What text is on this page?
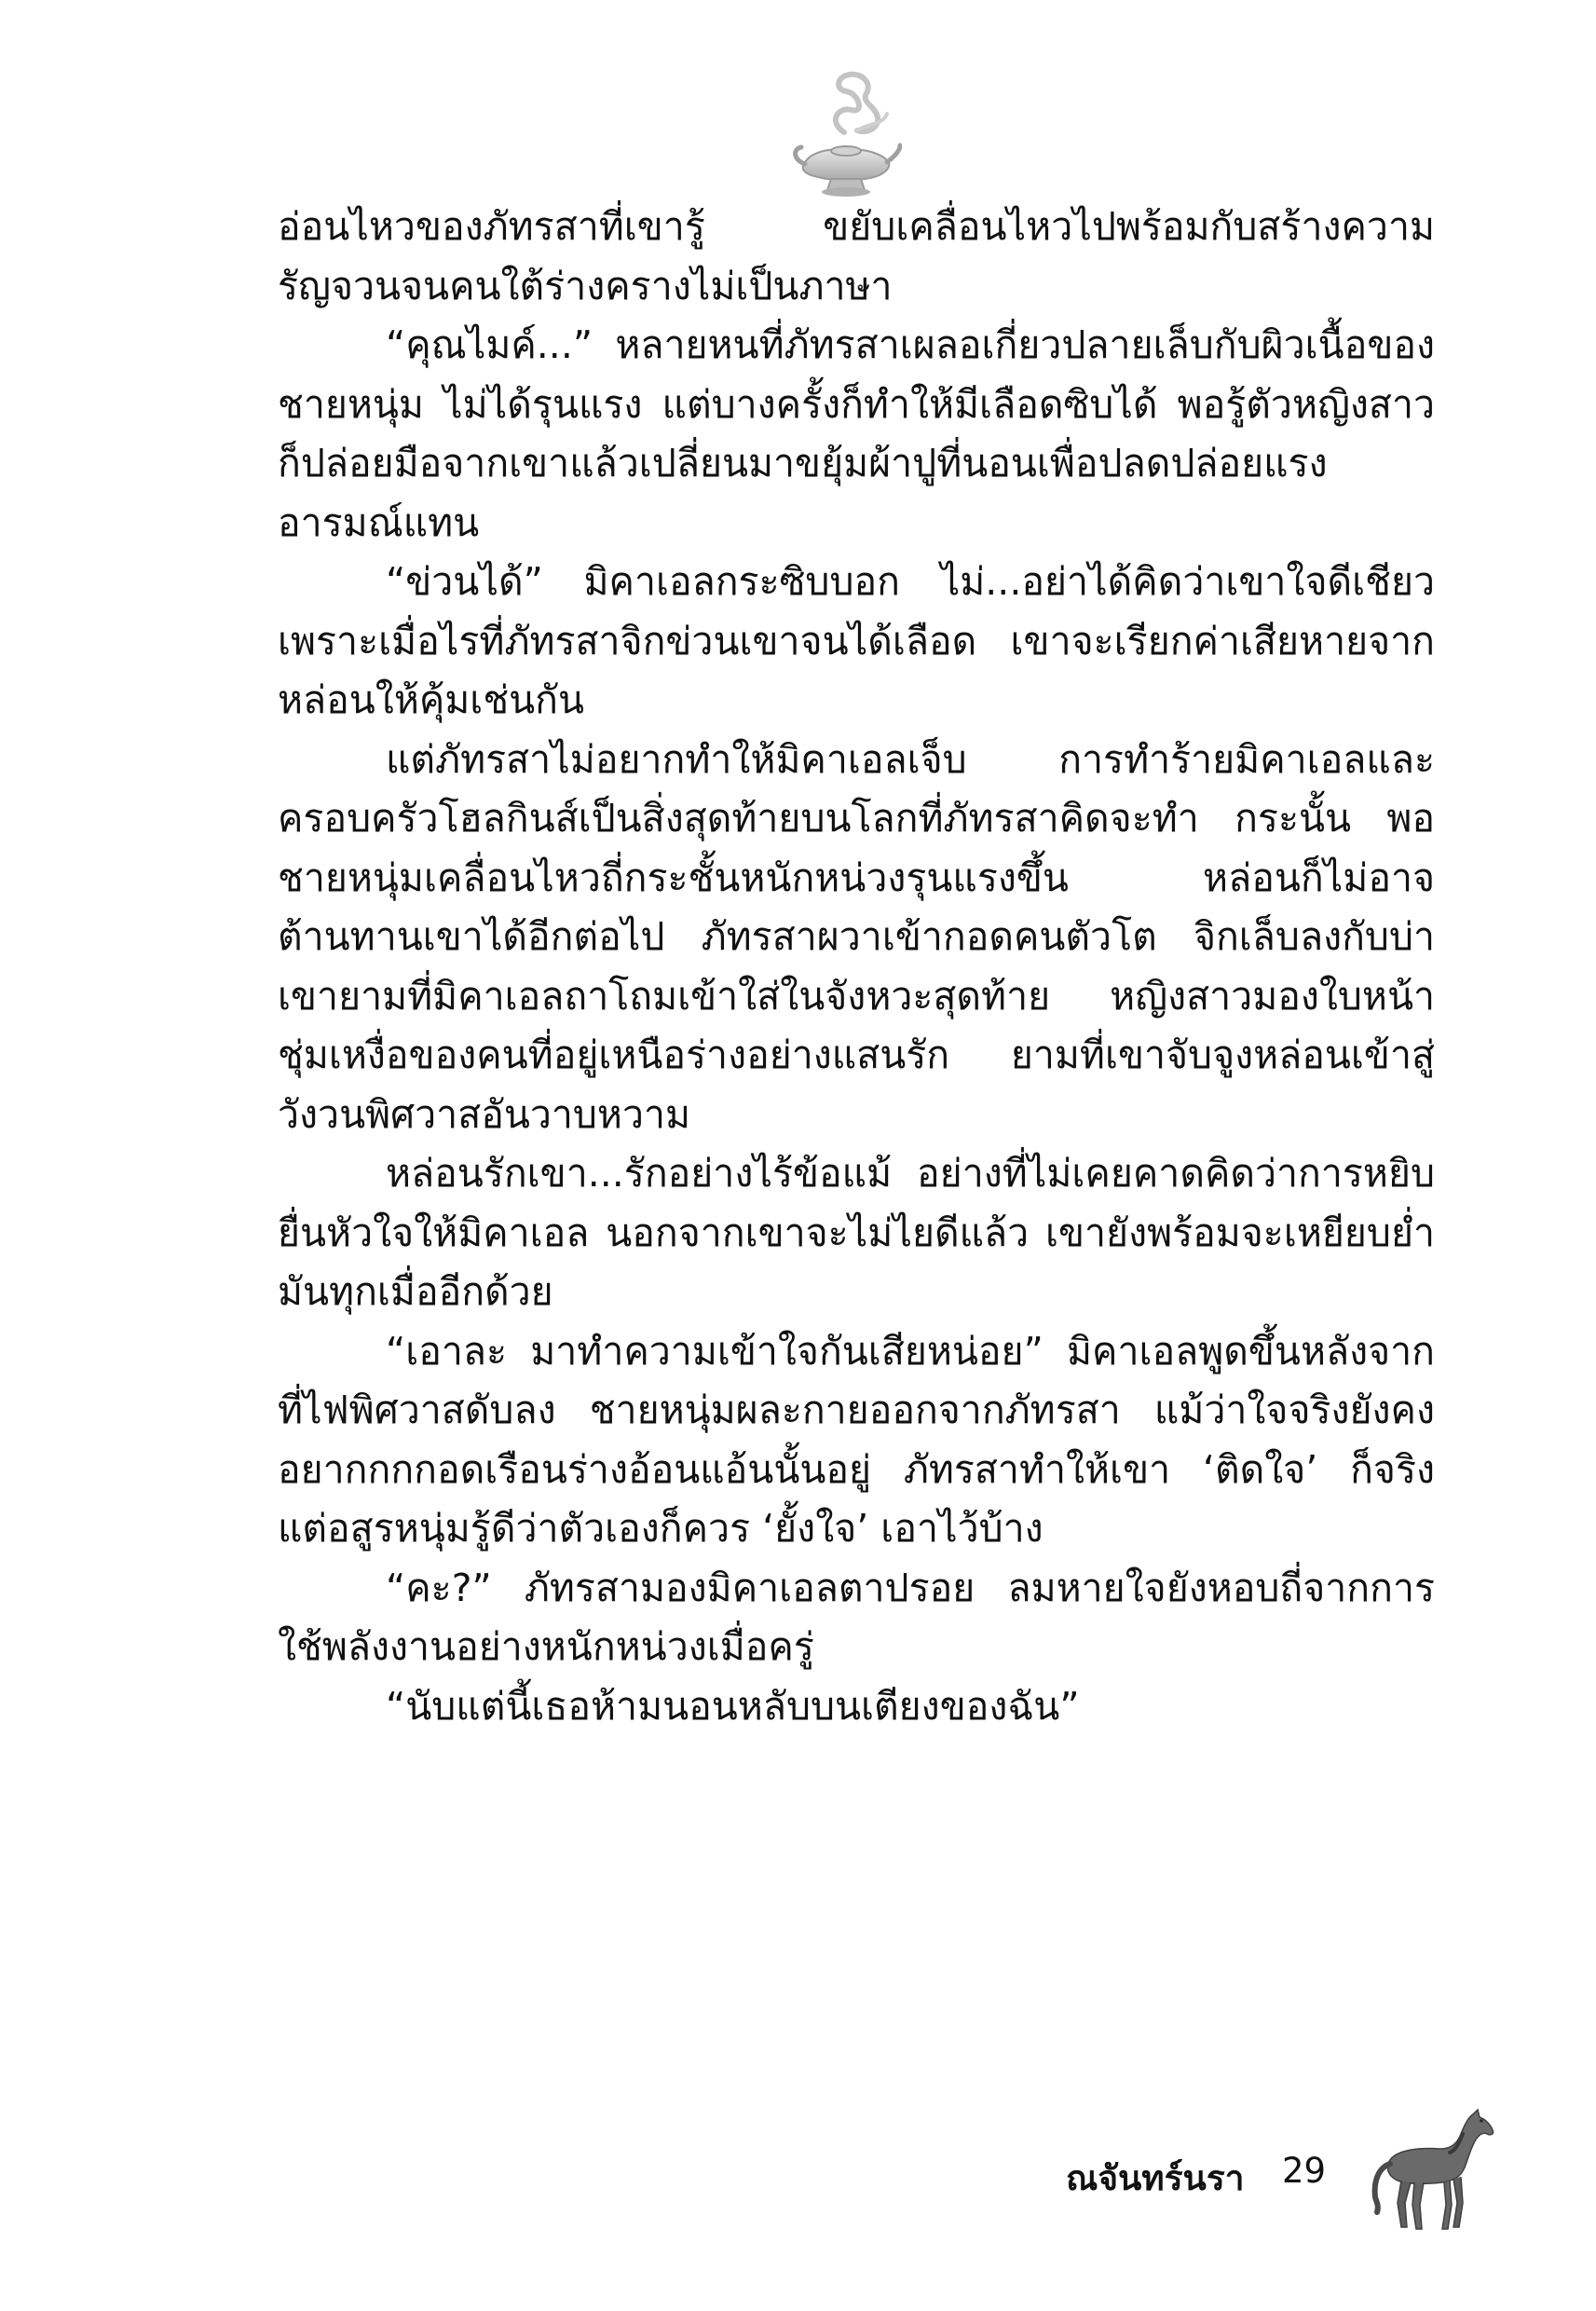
อ่อนไหวของภัทรสาที่เขารู้ ขยับเคลื่อนไหวไปพร้อมกับสร้างความรัญจวนจนคนใต้ร่างครางไม่เป็นภาษา

“คุณไมค์...” หลายหนที่ภัทรสาเผลอเกี่ยวปลายเล็บกับผิวเนื้อของชายหนุ่ม ไม่ได้รุนแรง แต่บางครั้งก็ทำให้มีเลือดซิบได้ พอรู้ตัวหญิงสาวก็ปล่อยมือจากเขาแล้วเปลี่ยนมาขยุ้มผ้าปูที่นอนเพื่อปลดปล่อยแรงอารมณ์แทน

“ข่วนได้” มิคาเอลกระซิบบอก ไม่...อย่าได้คิดว่าเขาใจดีเชียว เพราะเมื่อไรที่ภัทรสาจิกข่วนเขาจนได้เลือด เขาจะเรียกค่าเสียหายจากหล่อนให้คุ้มเช่นกัน

แต่ภัทรสาไม่อยากทำให้มิคาเอลเจ็บ การทำร้ายมิคาเอลและครอบครัวโฮลกินส์เป็นสิ่งสุดท้ายบนโลกที่ภัทรสาคิดจะทำ กระนั้น พอชายหนุ่มเคลื่อนไหวถี่กระชั้นหนักหน่วงรุนแรงขึ้น หล่อนก็ไม่อาจต้านทานเขาได้อีกต่อไป ภัทรสาผวาเข้ากอดคนตัวโต จิกเล็บลงกับบ่าเขายามที่มิคาเอลถาโถมเข้าใส่ในจังหวะสุดท้าย หญิงสาวมองใบหน้าชุ่มเหงื่อของคนที่อยู่เหนือร่างอย่างแสนรัก ยามที่เขาจับจูงหล่อนเข้าสู่วังวนพิศวาสอันวาบหวาม

หล่อนรักเขา...รักอย่างไร้ข้อแม้ อย่างที่ไม่เคยคาดคิดว่าการหยิบยื่นหัวใจให้มิคาเอล นอกจากเขาจะไม่ไยดีแล้ว เขายังพร้อมจะเหยียบย่ำมันทุกเมื่ออีกด้วย

“เอาละ มาทำความเข้าใจกันเสียหน่อย” มิคาเอลพูดขึ้นหลังจากที่ไฟพิศวาสดับลง ชายหนุ่มผละกายออกจากภัทรสา แม้ว่าใจจริงยังคงอยากกกกอดเรือนร่างอ้อนแอ้นนั้นอยู่ ภัทรสาทำให้เขา ‘ติดใจ’ ก็จริง แต่อสูรหนุ่มรู้ดีว่าตัวเองก็ควร ‘ยั้งใจ’ เอาไว้บ้าง

“คะ?” ภัทรสามองมิคาเอลตาปรอย ลมหายใจยังหอบถี่จากการใช้พลังงานอย่างหนักหน่วงเมื่อครู่

“นับแต่นี้เธอห้ามนอนหลับบนเตียงของฉัน”

ณจันทร์นรา 29
